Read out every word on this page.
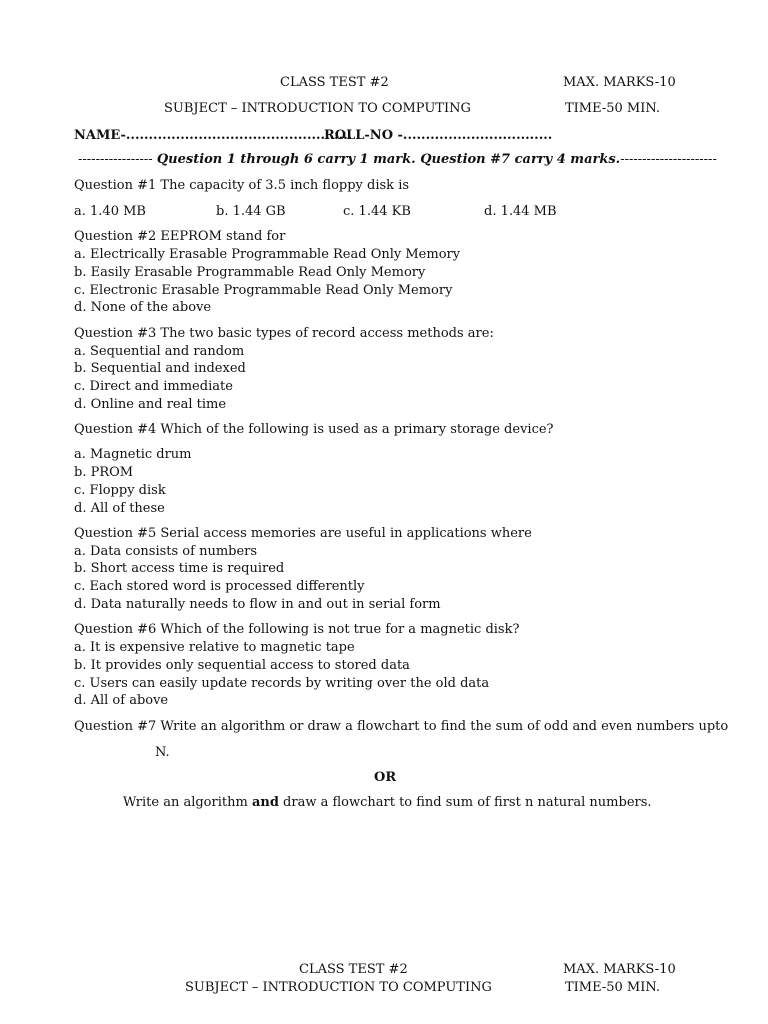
CLASS TEST #2	MAX. MARKS-10
SUBJECT – INTRODUCTION TO COMPUTING	TIME-50 MIN.
NAME-..................................................
ROLL-NO -.................................
----------------- Question 1 through 6 carry 1 mark. Question #7 carry 4 marks.----------------------
Question #1 The capacity of 3.5 inch floppy disk is
a. 1.40 MB	b. 1.44 GB	c. 1.44 KB	d. 1.44 MB
Question #2 EEPROM stand for
a. Electrically Erasable Programmable Read Only Memory
b. Easily Erasable Programmable Read Only Memory
c. Electronic Erasable Programmable Read Only Memory
d. None of the above
Question #3 The two basic types of record access methods are:
a. Sequential and random
b. Sequential and indexed
c. Direct and immediate
d. Online and real time
Question #4 Which of the following is used as a primary storage device?
a. Magnetic drum
b. PROM
c. Floppy disk
d. All of these
Question #5 Serial access memories are useful in applications where
a. Data consists of numbers
b. Short access time is required
c. Each stored word is processed differently
d. Data naturally needs to flow in and out in serial form
Question #6 Which of the following is not true for a magnetic disk?
a. It is expensive relative to magnetic tape
b. It provides only sequential access to stored data
c. Users can easily update records by writing over the old data
d. All of above
Question #7 Write an algorithm or draw a flowchart to find the sum of odd and even numbers upto
N.
OR
Write an algorithm and draw a flowchart to find sum of first n natural numbers.
CLASS TEST #2	MAX. MARKS-10
SUBJECT – INTRODUCTION TO COMPUTING	TIME-50 MIN.
